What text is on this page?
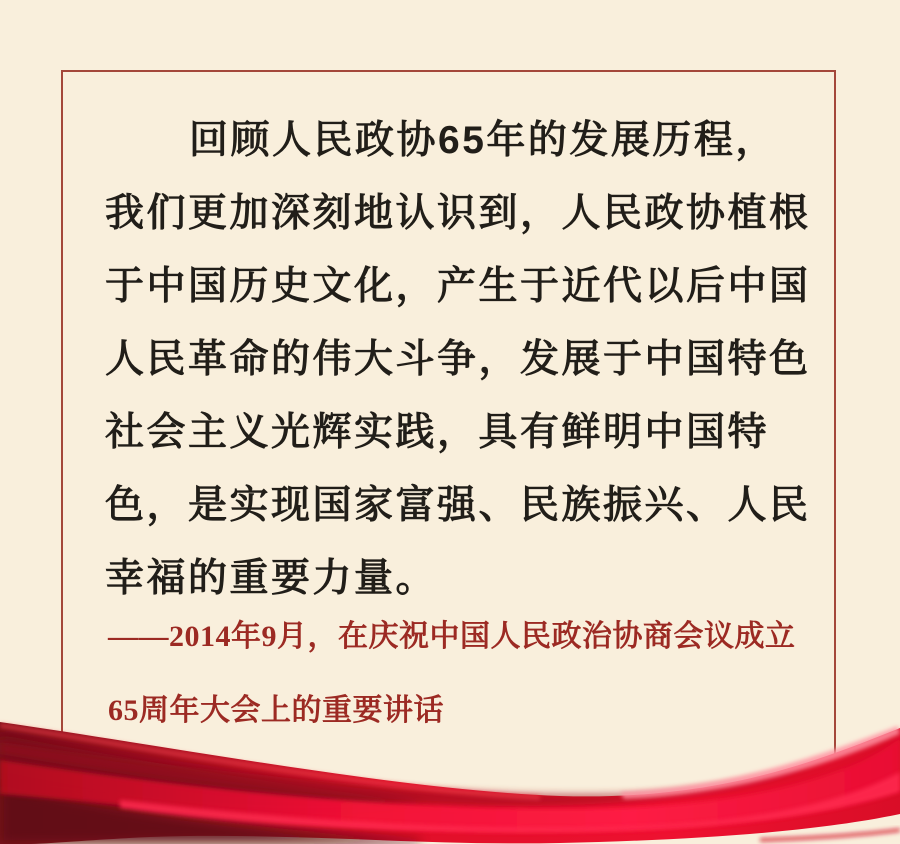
回顾人民政协65年的发展历程，
我们更加深刻地认识到，人民政协植根
于中国历史文化，产生于近代以后中国
人民革命的伟大斗争，发展于中国特色
社会主义光辉实践，具有鲜明中国特
色，是实现国家富强、民族振兴、人民
幸福的重要力量。
——2014年9月，在庆祝中国人民政治协商会议成立
65周年大会上的重要讲话
